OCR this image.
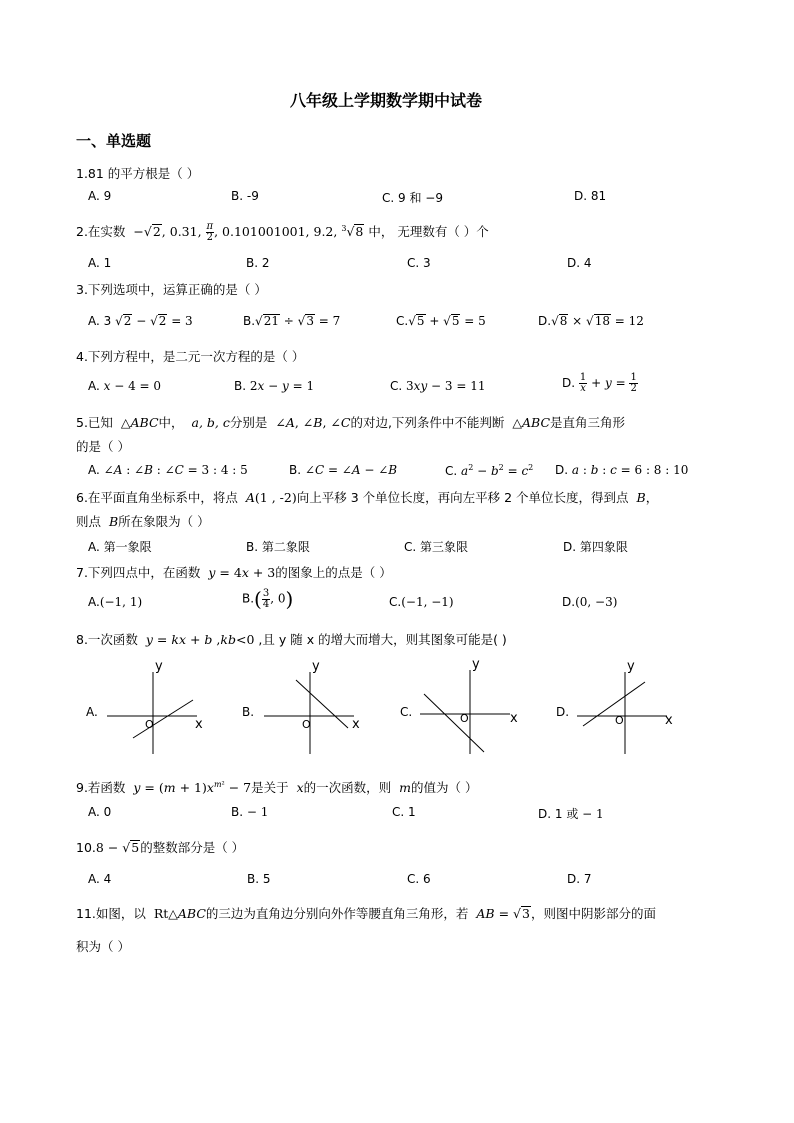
八年级上学期数学期中试卷
一、单选题
1.81 的平方根是（ ）
A. 9	B. -9	C. 9 和 −9	D. 81
2.在实数  −√2, 0.31, $\frac{\pi}{2}$ , 0.101001001, 9.2, $^3$√8 中， 无理数有（ ）个
A. 1	B. 2	C. 3	D. 4
3.下列选项中，运算正确的是（ ）
A. 3 √2 − √2 = 3	B.√21 ÷ √3 = 7	C.√5 + √5 = 5	D.√8 × √18 = 12
4.下列方程中，是二元一次方程的是（ ）
A. x − 4 = 0	B. 2x − y = 1	C. 3xy − 3 = 11	D. $\frac{1}{x} + y = \frac{1}{2}$
5.已知 △ABC中， a, b, c分别是 ∠A, ∠B, ∠C的对边,下列条件中不能判断 △ABC是直角三角形
的是（ ）
A. ∠A : ∠B : ∠C = 3 : 4 : 5	B. ∠C = ∠A − ∠B	C. $a^2 - b^2 = c^2$ D. a : b : c = 6 : 8 : 10
6.在平面直角坐标系中，将点 A(1 , -2)向上平移 3 个单位长度，再向左平移 2 个单位长度，得到点 B，
则点 B所在象限为（ ）
A. 第一象限	B. 第二象限	C. 第三象限	D. 第四象限
7.下列四点中，在函数 y = 4x + 3的图象上的点是（ ）
A.(−1, 1)	$B.( \frac{3}{4}$ , 0)	C.(−1, −1)	D.(0, −3)
8.一次函数 y = kx + b ,kb<0 ,且 y 随 x 的增大而增大，则其图象可能是( )
A.
y
x
O
B.
y
x
O
C.
y
x
O	D.
y
x
O
9.若函数 $y = (m + 1)x^{m^2} - 7$是关于 x的一次函数，则 m的值为（ ）
A. 0	B. − 1	C. 1	D. 1 或 − 1
10.8 − √5的整数部分是（ ）
A. 4	B. 5	C. 6	D. 7
11.如图，以 Rt△ABC的三边为直角边分别向外作等腰直角三角形，若 AB = √3，则图中阴影部分的面
积为（ ）
